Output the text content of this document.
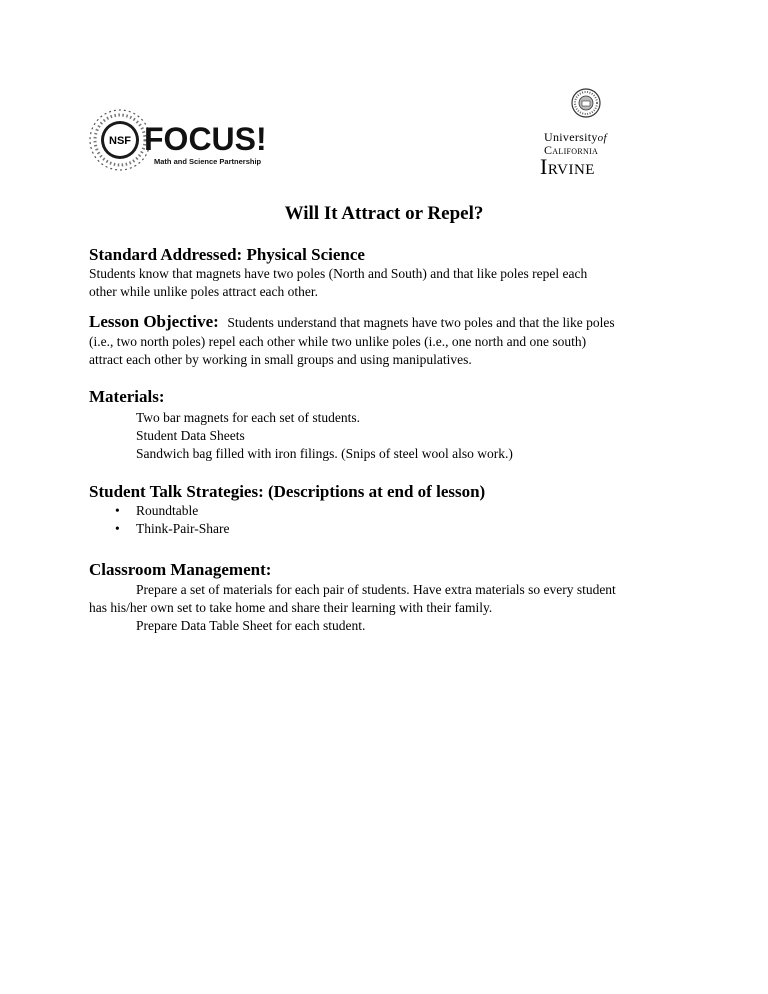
NSF FOCUS!
Math and Science Partnership
Universityof
California
Irvine
Will It Attract or Repel?
Standard Addressed: Physical Science
Students know that magnets have two poles (North and South) and that like poles repel each
other while unlike poles attract each other.
Lesson Objective: Students understand that magnets have two poles and that the like poles
(i.e., two north poles) repel each other while two unlike poles (i.e., one north and one south)
attract each other by working in small groups and using manipulatives.
Materials:
Two bar magnets for each set of students.
Student Data Sheets
Sandwich bag filled with iron filings. (Snips of steel wool also work.)
Student Talk Strategies: (Descriptions at end of lesson)
• Roundtable
• Think-Pair-Share
Classroom Management:
Prepare a set of materials for each pair of students. Have extra materials so every student
has his/her own set to take home and share their learning with their family.
Prepare Data Table Sheet for each student.
